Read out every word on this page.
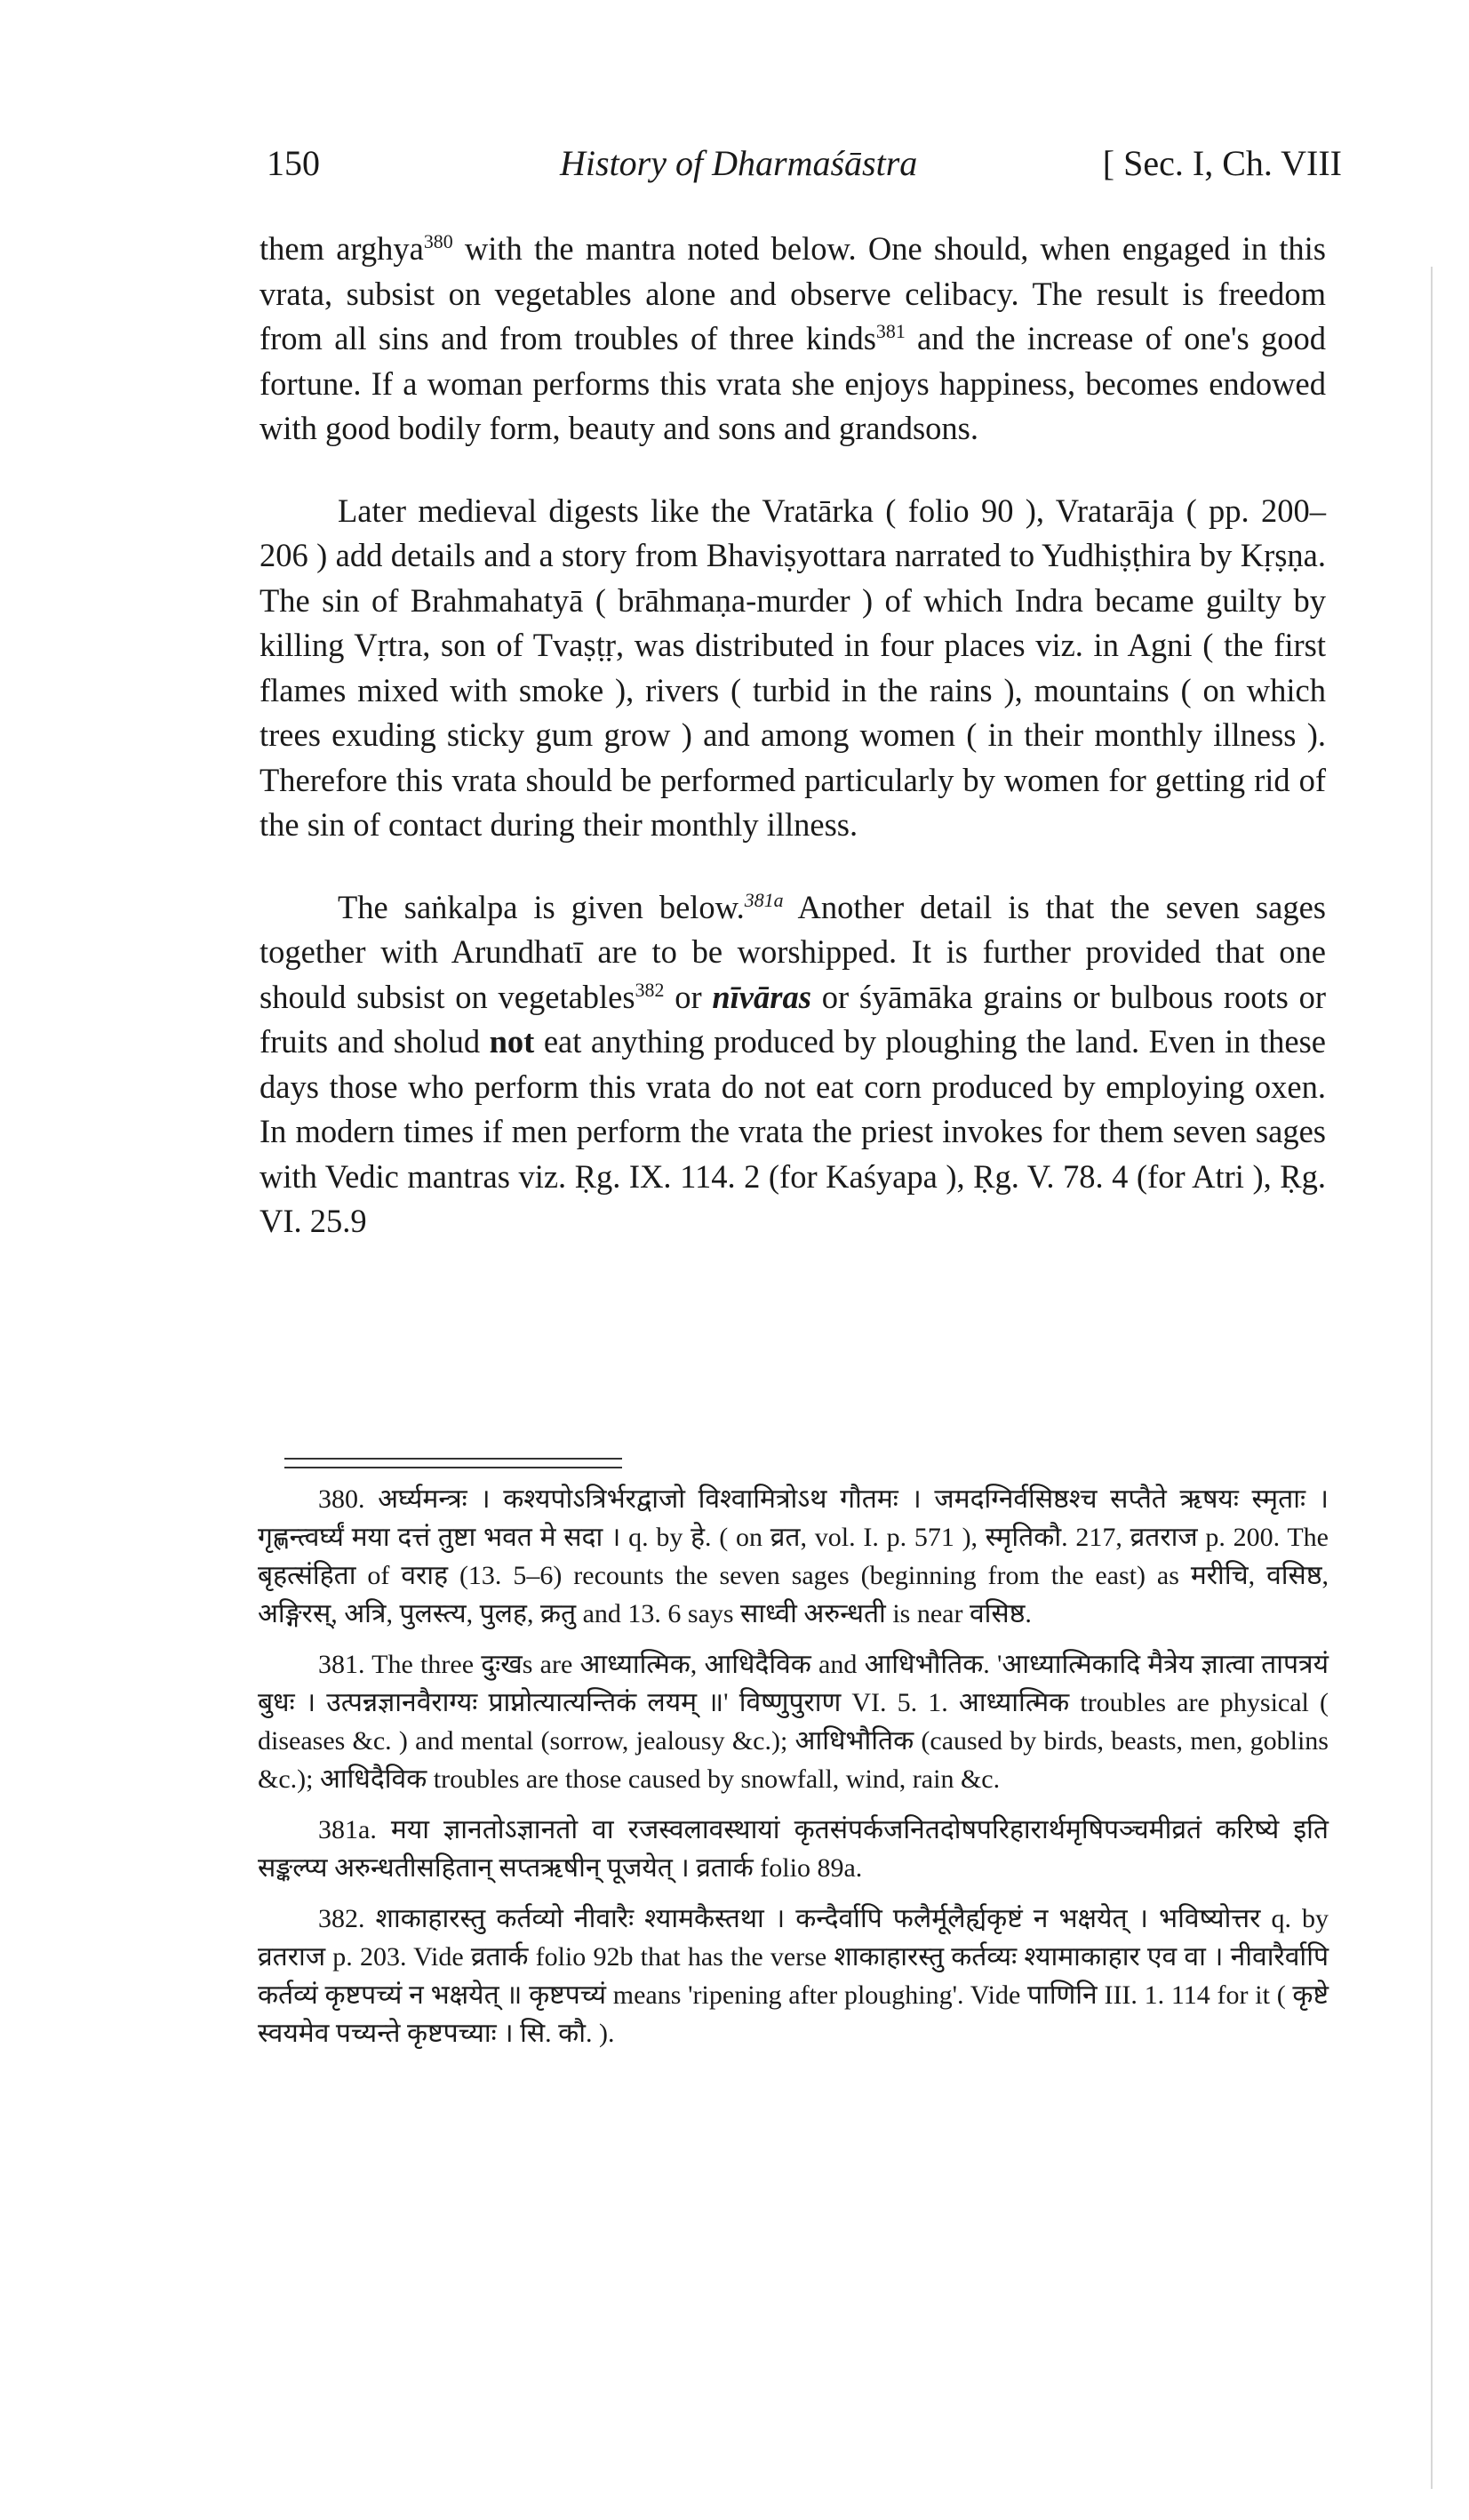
150	History of Dharmaśāstra	[ Sec. I, Ch. VIII

them arghya$^{380}$ with the mantra noted below. One should, when engaged in this vrata, subsist on vegetables alone and observe celibacy. The result is freedom from all sins and from troubles of three kinds$^{381}$ and the increase of one's good fortune. If a woman performs this vrata she enjoys happiness, becomes endowed with good bodily form, beauty and sons and grandsons.

Later medieval digests like the Vratārka ( folio 90 ), Vratarāja ( pp. 200–206 ) add details and a story from Bhaviṣyottara narrated to Yudhiṣṭhira by Kṛṣṇa. The sin of Brahmahatyā ( brāhmaṇa-murder ) of which Indra became guilty by killing Vṛtra, son of Tvaṣṭṛ, was distributed in four places viz. in Agni ( the first flames mixed with smoke ), rivers ( turbid in the rains ), mountains ( on which trees exuding sticky gum grow ) and among women ( in their monthly illness ). Therefore this vrata should be performed particularly by women for getting rid of the sin of contact during their monthly illness.

The saṅkalpa is given below.$^{381a}$ Another detail is that the seven sages together with Arundhatī are to be worshipped. It is further provided that one should subsist on vegetables$^{382}$ or nīvāras or śyāmāka grains or bulbous roots or fruits and sholud not eat anything produced by ploughing the land. Even in these days those who perform this vrata do not eat corn produced by employing oxen. In modern times if men perform the vrata the priest invokes for them seven sages with Vedic mantras viz. Ṛg. IX. 114. 2 (for Kaśyapa ), Ṛg. V. 78. 4 (for Atri ), Ṛg. VI. 25.9

380. अर्घ्यमन्त्रः । कश्यपोऽत्रिर्भरद्वाजो विश्वामित्रोऽथ गौतमः । जमदग्निर्वसिष्ठश्च सप्तैते ऋषयः स्मृताः । गृह्णन्त्वर्घ्यं मया दत्तं तुष्टा भवत मे सदा । q. by हे. ( on व्रत, vol. I. p. 571 ), स्मृतिकौ. 217, व्रतराज p. 200. The बृहत्संहिता of वराह (13. 5–6) recounts the seven sages (beginning from the east) as मरीचि, वसिष्ठ, अङ्गिरस्, अत्रि, पुलस्त्य, पुलह, क्रतु and 13. 6 says साध्वी अरुन्धती is near वसिष्ठ.

381. The three दुःखs are आध्यात्मिक, आधिदैविक and आधिभौतिक. 'आध्यात्मिकादि मैत्रेय ज्ञात्वा तापत्रयं बुधः । उत्पन्नज्ञानवैराग्यः प्राप्नोत्यात्यन्तिकं लयम् ॥' विष्णुपुराण VI. 5. 1. आध्यात्मिक troubles are physical ( diseases &c. ) and mental (sorrow, jealousy &c.); आधिभौतिक (caused by birds, beasts, men, goblins &c.); आधिदैविक troubles are those caused by snowfall, wind, rain &c.

381a. मया ज्ञानतोऽज्ञानतो वा रजस्वलावस्थायां कृतसंपर्कजनितदोषपरिहारार्थमृषिपञ्चमीव्रतं करिष्ये इति सङ्कल्प्य अरुन्धतीसहितान् सप्तऋषीन् पूजयेत् । व्रतार्क folio 89a.

382. शाकाहारस्तु कर्तव्यो नीवारैः श्यामकैस्तथा । कन्दैर्वापि फलैर्मूलैर्ह्यकृष्टं न भक्षयेत् । भविष्योत्तर q. by व्रतराज p. 203. Vide व्रतार्क folio 92b that has the verse शाकाहारस्तु कर्तव्यः श्यामाकाहार एव वा । नीवारैर्वापि कर्तव्यं कृष्टपच्यं न भक्षयेत् ॥ कृष्टपच्यं means 'ripening after ploughing'. Vide पाणिनि III. 1. 114 for it ( कृष्टे स्वयमेव पच्यन्ते कृष्टपच्याः । सि. कौ. ).
